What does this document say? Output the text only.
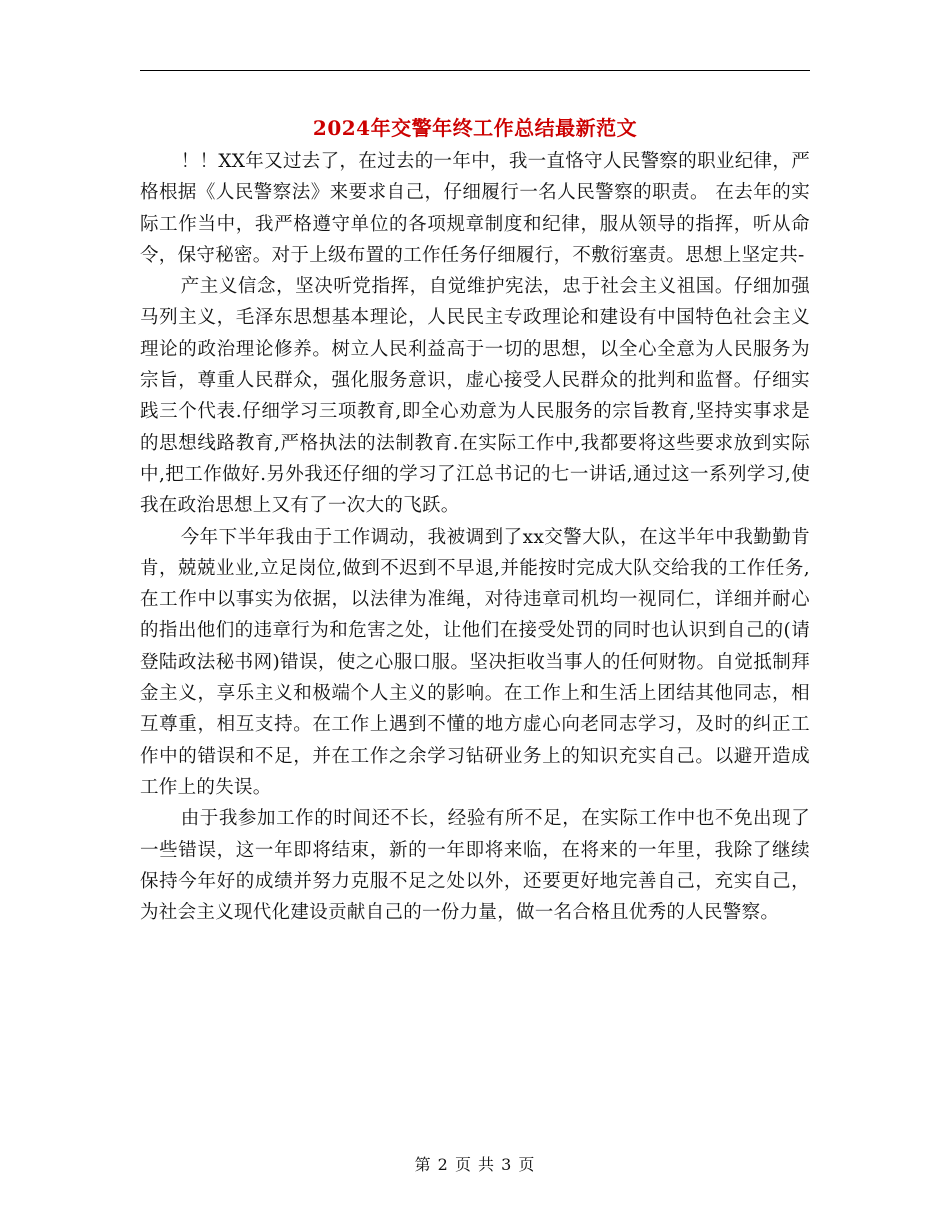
2024年交警年终工作总结最新范文

！！XX年又过去了，在过去的一年中，我一直恪守人民警察的职业纪律，严格根据《人民警察法》来要求自己，仔细履行一名人民警察的职责。 在去年的实际工作当中，我严格遵守单位的各项规章制度和纪律，服从领导的指挥，听从命令，保守秘密。对于上级布置的工作任务仔细履行，不敷衍塞责。思想上坚定共-

产主义信念，坚决听党指挥，自觉维护宪法，忠于社会主义祖国。仔细加强马列主义，毛泽东思想基本理论，人民民主专政理论和建设有中国特色社会主义理论的政治理论修养。树立人民利益高于一切的思想，以全心全意为人民服务为宗旨，尊重人民群众，强化服务意识，虚心接受人民群众的批判和监督。仔细实践三个代表.仔细学习三项教育,即全心劝意为人民服务的宗旨教育,坚持实事求是的思想线路教育,严格执法的法制教育.在实际工作中,我都要将这些要求放到实际中,把工作做好.另外我还仔细的学习了江总书记的七一讲话,通过这一系列学习,使我在政治思想上又有了一次大的飞跃。

今年下半年我由于工作调动，我被调到了xx交警大队，在这半年中我勤勤肯肯，兢兢业业,立足岗位,做到不迟到不早退,并能按时完成大队交给我的工作任务,在工作中以事实为依据，以法律为准绳，对待违章司机均一视同仁，详细并耐心的指出他们的违章行为和危害之处，让他们在接受处罚的同时也认识到自己的(请登陆政法秘书网)错误，使之心服口服。坚决拒收当事人的任何财物。自觉抵制拜金主义，享乐主义和极端个人主义的影响。在工作上和生活上团结其他同志，相互尊重，相互支持。在工作上遇到不懂的地方虚心向老同志学习，及时的纠正工作中的错误和不足，并在工作之余学习钻研业务上的知识充实自己。以避开造成工作上的失误。

由于我参加工作的时间还不长，经验有所不足，在实际工作中也不免出现了一些错误，这一年即将结束，新的一年即将来临，在将来的一年里，我除了继续保持今年好的成绩并努力克服不足之处以外，还要更好地完善自己，充实自己，为社会主义现代化建设贡献自己的一份力量，做一名合格且优秀的人民警察。

第 2 页 共 3 页
